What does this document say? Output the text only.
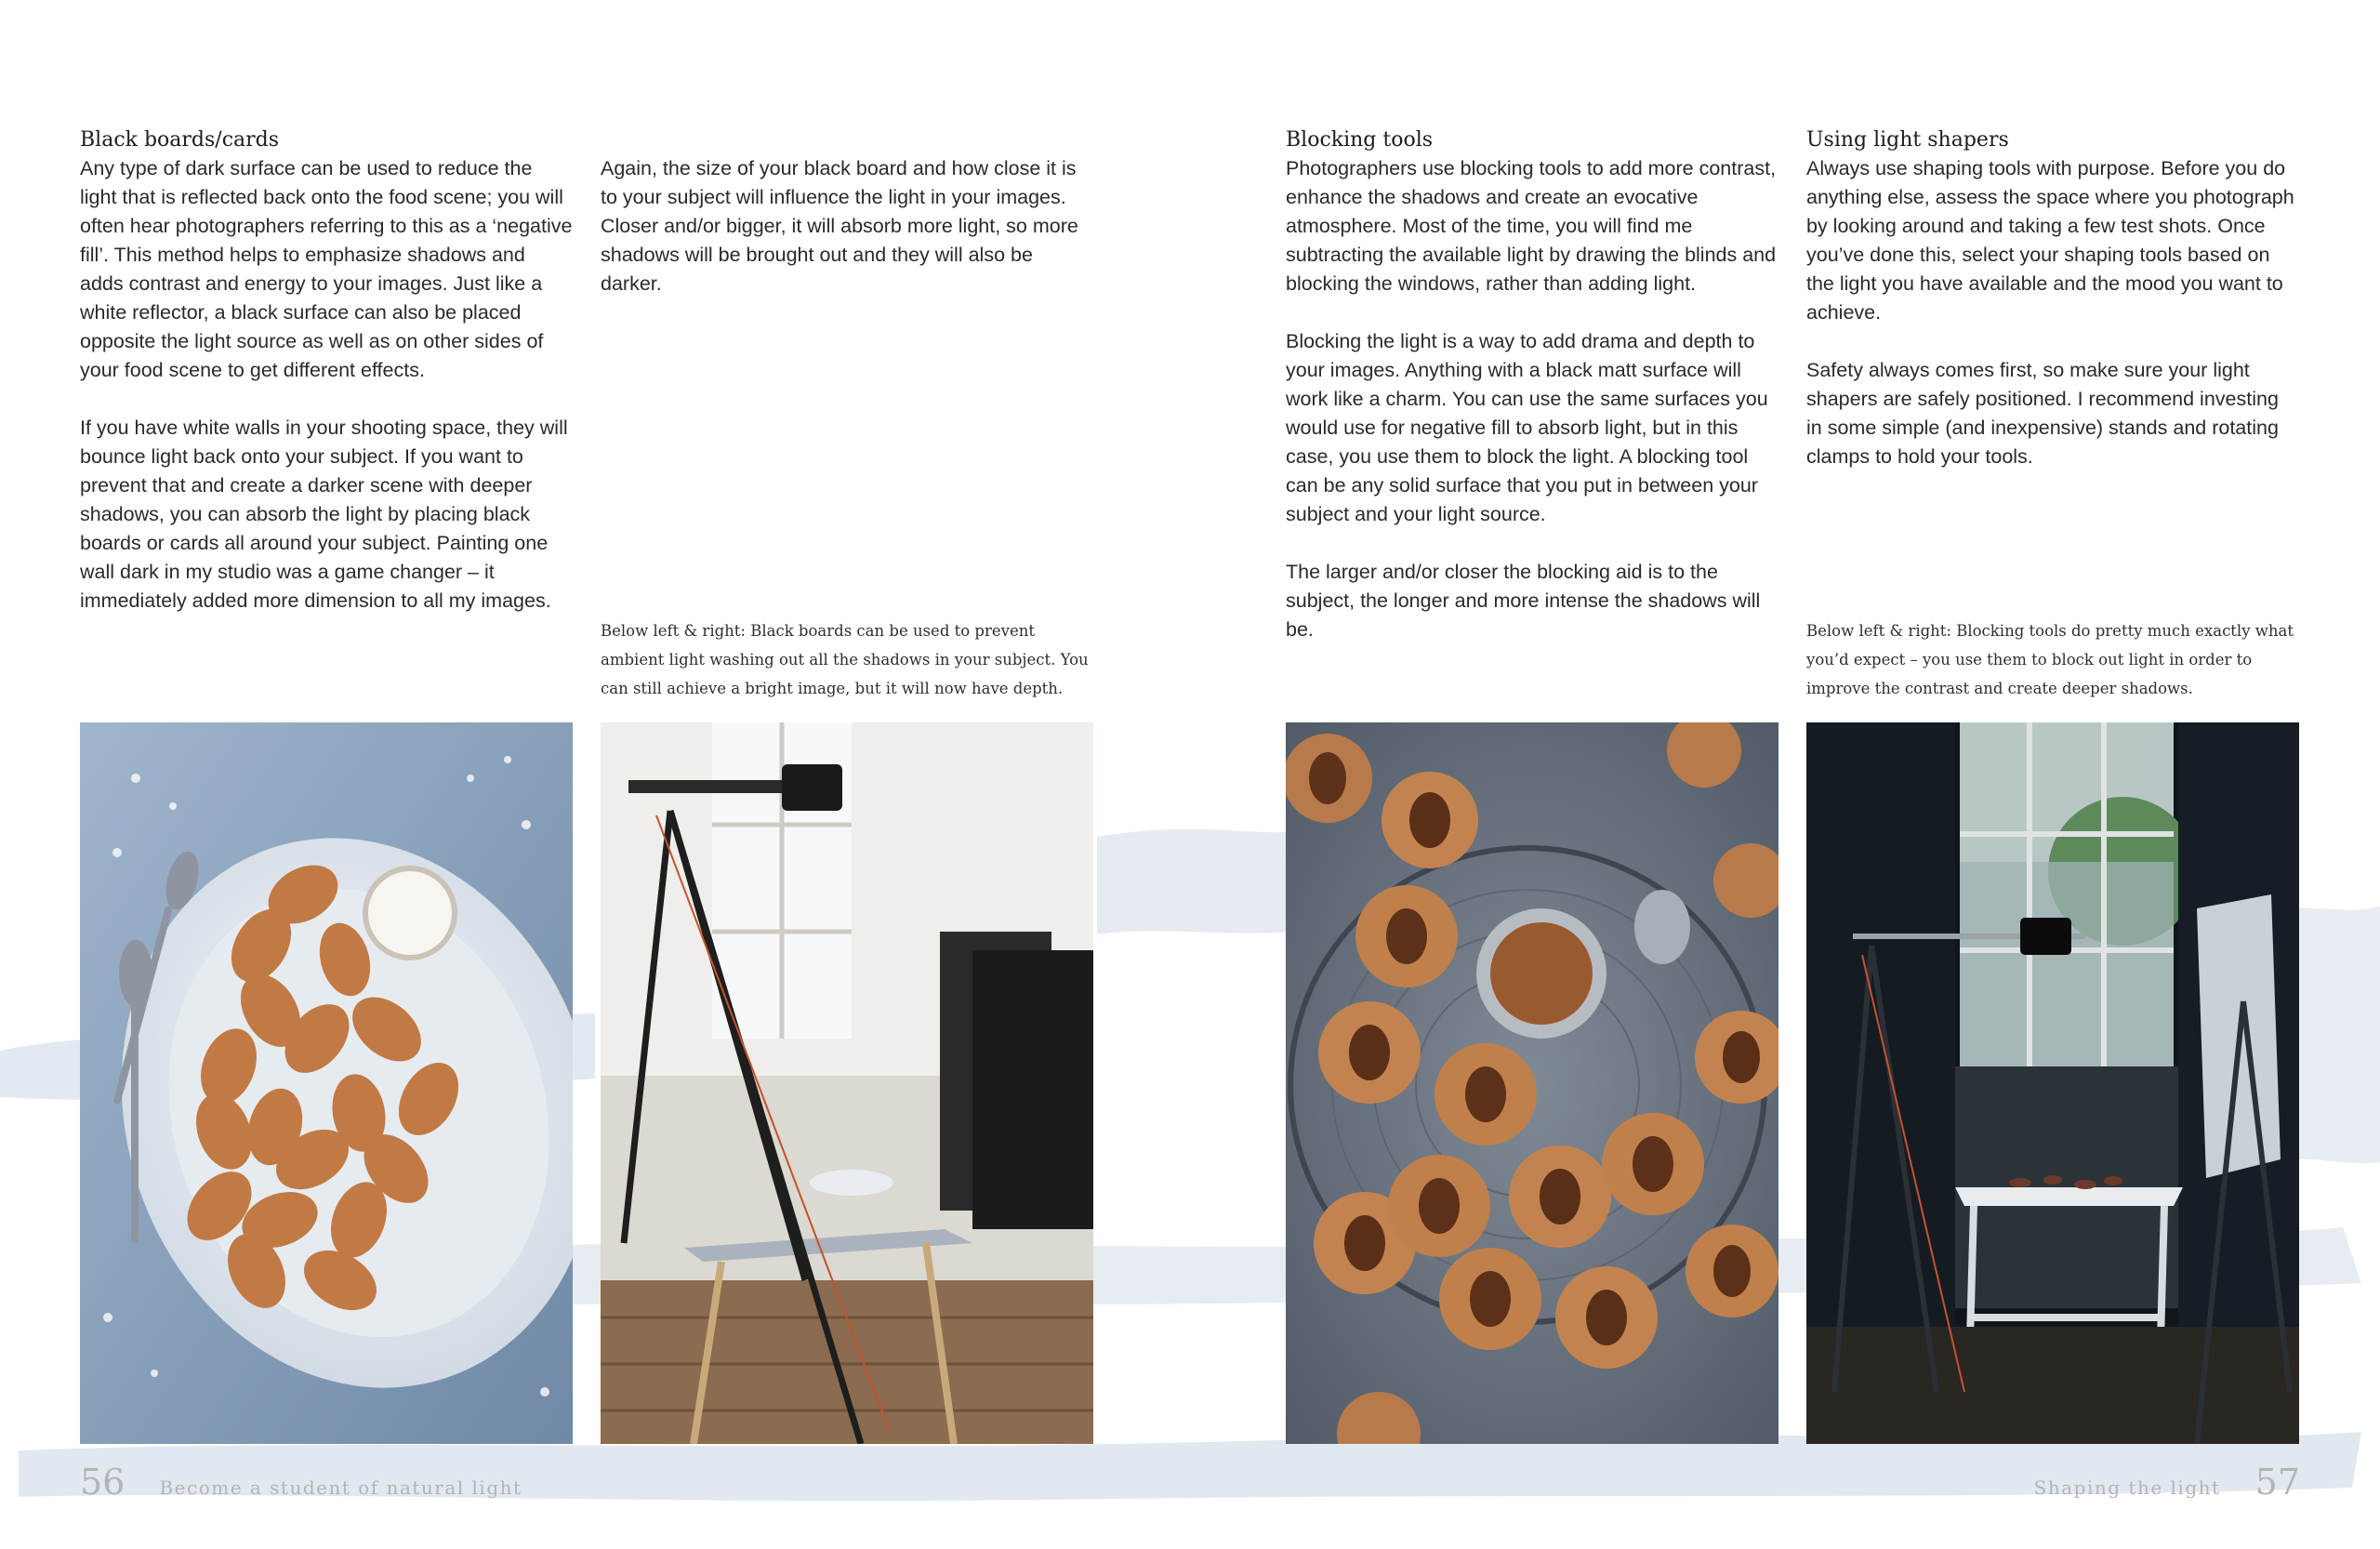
Black boards/cards

Any type of dark surface can be used to reduce the light that is reflected back onto the food scene; you will often hear photographers referring to this as a ‘negative fill’. This method helps to emphasize shadows and adds contrast and energy to your images. Just like a white reflector, a black surface can also be placed opposite the light source as well as on other sides of your food scene to get different effects.

If you have white walls in your shooting space, they will bounce light back onto your subject. If you want to prevent that and create a darker scene with deeper shadows, you can absorb the light by placing black boards or cards all around your subject. Painting one wall dark in my studio was a game changer – it immediately added more dimension to all my images.

Again, the size of your black board and how close it is to your subject will influence the light in your images. Closer and/or bigger, it will absorb more light, so more shadows will be brought out and they will also be darker.

Below left & right: Black boards can be used to prevent ambient light washing out all the shadows in your subject. You can still achieve a bright image, but it will now have depth.
Blocking tools

Photographers use blocking tools to add more contrast, enhance the shadows and create an evocative atmosphere. Most of the time, you will find me subtracting the available light by drawing the blinds and blocking the windows, rather than adding light.

Blocking the light is a way to add drama and depth to your images. Anything with a black matt surface will work like a charm. You can use the same surfaces you would use for negative fill to absorb light, but in this case, you use them to block the light. A blocking tool can be any solid surface that you put in between your subject and your light source.

The larger and/or closer the blocking aid is to the subject, the longer and more intense the shadows will be.

Using light shapers

Always use shaping tools with purpose. Before you do anything else, assess the space where you photograph by looking around and taking a few test shots. Once you’ve done this, select your shaping tools based on the light you have available and the mood you want to achieve.

Safety always comes first, so make sure your light shapers are safely positioned. I recommend investing in some simple (and inexpensive) stands and rotating clamps to hold your tools.

Below left & right: Blocking tools do pretty much exactly what you’d expect – you use them to block out light in order to improve the contrast and create deeper shadows.
56 Become a student of natural light	Shaping the light 57
